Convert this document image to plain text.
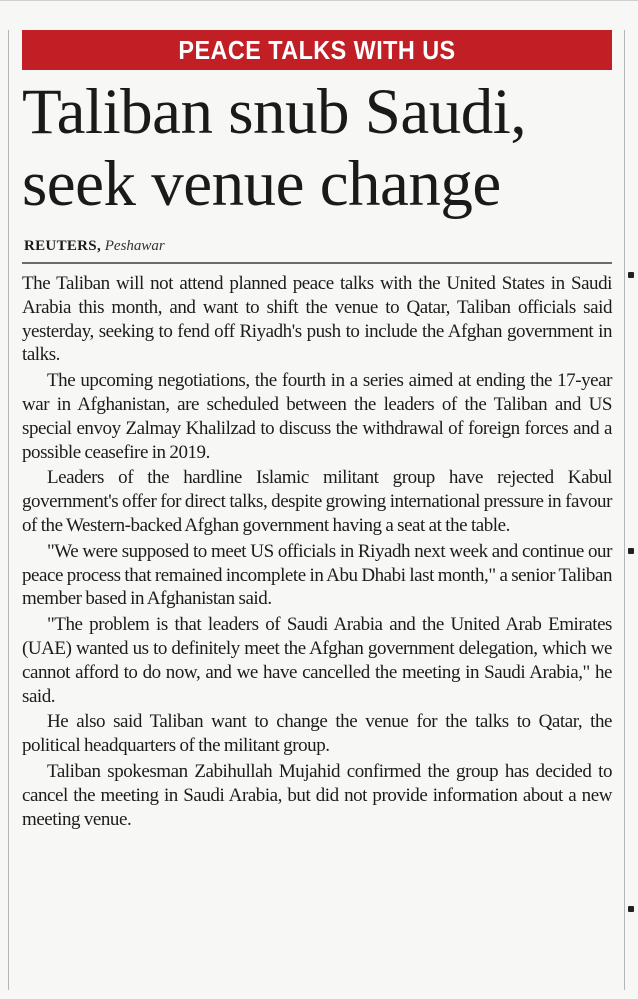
PEACE TALKS WITH US
Taliban snub Saudi,
seek venue change
REUTERS, Peshawar

The Taliban will not attend planned peace talks with the United States in Saudi Arabia this month, and want to shift the venue to Qatar, Taliban officials said yesterday, seeking to fend off Riyadh's push to include the Afghan government in talks.

The upcoming negotiations, the fourth in a series aimed at ending the 17-year war in Afghanistan, are scheduled between the leaders of the Taliban and US special envoy Zalmay Khalilzad to discuss the withdrawal of foreign forces and a possible ceasefire in 2019.

Leaders of the hardline Islamic militant group have rejected Kabul government's offer for direct talks, despite growing international pressure in favour of the Western-backed Afghan government having a seat at the table.

"We were supposed to meet US officials in Riyadh next week and continue our peace process that remained incomplete in Abu Dhabi last month," a senior Taliban member based in Afghanistan said.

"The problem is that leaders of Saudi Arabia and the United Arab Emirates (UAE) wanted us to definitely meet the Afghan government delegation, which we cannot afford to do now, and we have cancelled the meeting in Saudi Arabia," he said.

He also said Taliban want to change the venue for the talks to Qatar, the political headquarters of the militant group.

Taliban spokesman Zabihullah Mujahid confirmed the group has decided to cancel the meeting in Saudi Arabia, but did not provide information about a new meeting venue.
